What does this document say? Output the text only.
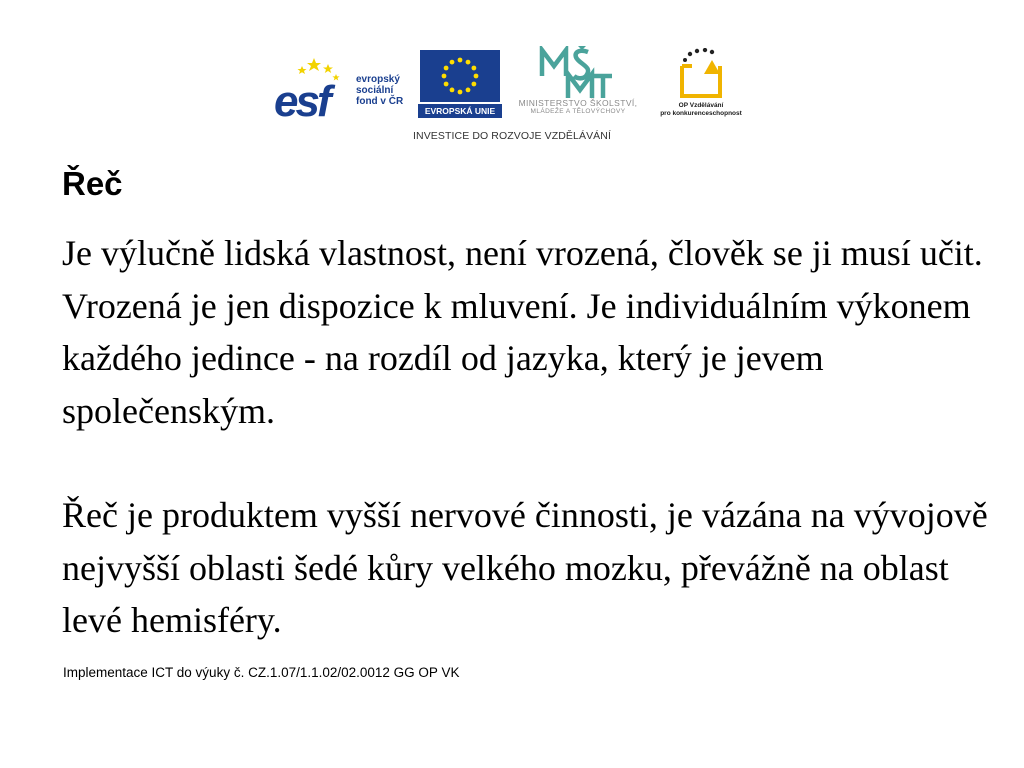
esf	evropský
sociální
fond v ČR
EVROPSKÁ UNIE
MINISTERSTVO ŠKOLSTVÍ,
MLÁDEŽE A TĚLOVÝCHOVY
OP Vzdělávání
pro konkurenceschopnost
INVESTICE DO ROZVOJE VZDĚLÁVÁNÍ
Řeč

Je výlučně lidská vlastnost, není vrozená, člověk se ji musí učit. Vrozená je jen dispozice k mluvení. Je individuálním výkonem každého jedince - na rozdíl od jazyka, který je jevem společenským.

Řeč je produktem vyšší nervové činnosti, je vázána na vývojově nejvyšší oblasti šedé kůry velkého mozku, převážně na oblast levé hemisféry.

Implementace ICT do výuky č. CZ.1.07/1.1.02/02.0012 GG OP VK
